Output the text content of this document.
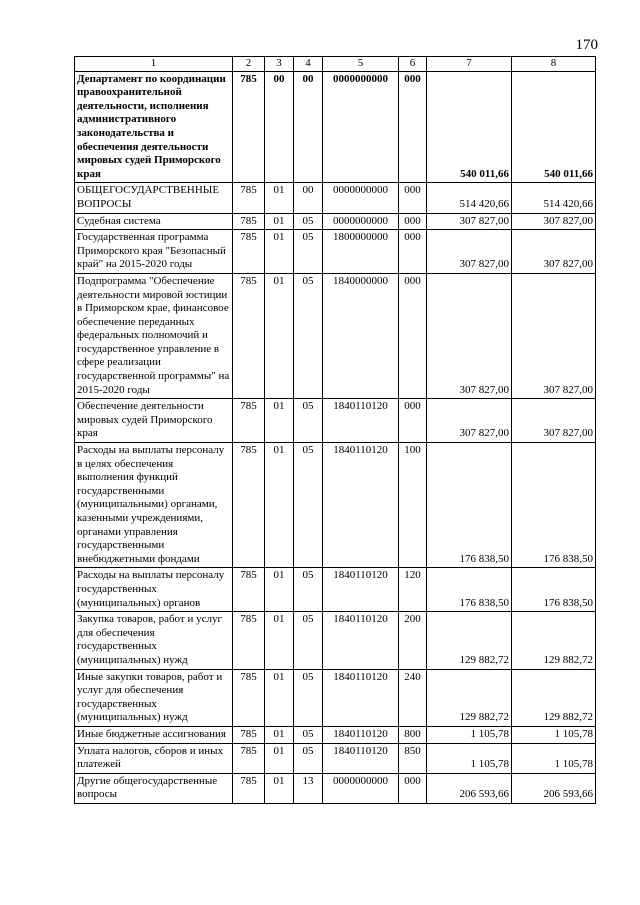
170
1	2	3	4	5	6	7	8
Департамент по координации правоохранительной деятельности, исполнения административного законодательства и обеспечения деятельности мировых судей Приморского края	785	00	00	0000000000	000	540 011,66	540 011,66
ОБЩЕГОСУДАРСТВЕННЫЕ ВОПРОСЫ	785	01	00	0000000000	000	514 420,66	514 420,66
Судебная система	785	01	05	0000000000	000	307 827,00	307 827,00
Государственная программа Приморского края "Безопасный край" на 2015-2020 годы	785	01	05	1800000000	000	307 827,00	307 827,00
Подпрограмма "Обеспечение деятельности мировой юстиции в Приморском крае, финансовое обеспечение переданных федеральных полномочий и государственное управление в сфере реализации государственной программы" на 2015-2020 годы	785	01	05	1840000000	000	307 827,00	307 827,00
Обеспечение деятельности мировых судей Приморского края	785	01	05	1840110120	000	307 827,00	307 827,00
Расходы на выплаты персоналу в целях обеспечения выполнения функций государственными (муниципальными) органами, казенными учреждениями, органами управления государственными внебюджетными фондами	785	01	05	1840110120	100	176 838,50	176 838,50
Расходы на выплаты персоналу государственных (муниципальных) органов	785	01	05	1840110120	120	176 838,50	176 838,50
Закупка товаров, работ и услуг для обеспечения государственных (муниципальных) нужд	785	01	05	1840110120	200	129 882,72	129 882,72
Иные закупки товаров, работ и услуг для обеспечения государственных (муниципальных) нужд	785	01	05	1840110120	240	129 882,72	129 882,72
Иные бюджетные ассигнования	785	01	05	1840110120	800	1 105,78	1 105,78
Уплата налогов, сборов и иных платежей	785	01	05	1840110120	850	1 105,78	1 105,78
Другие общегосударственные вопросы	785	01	13	0000000000	000	206 593,66	206 593,66
